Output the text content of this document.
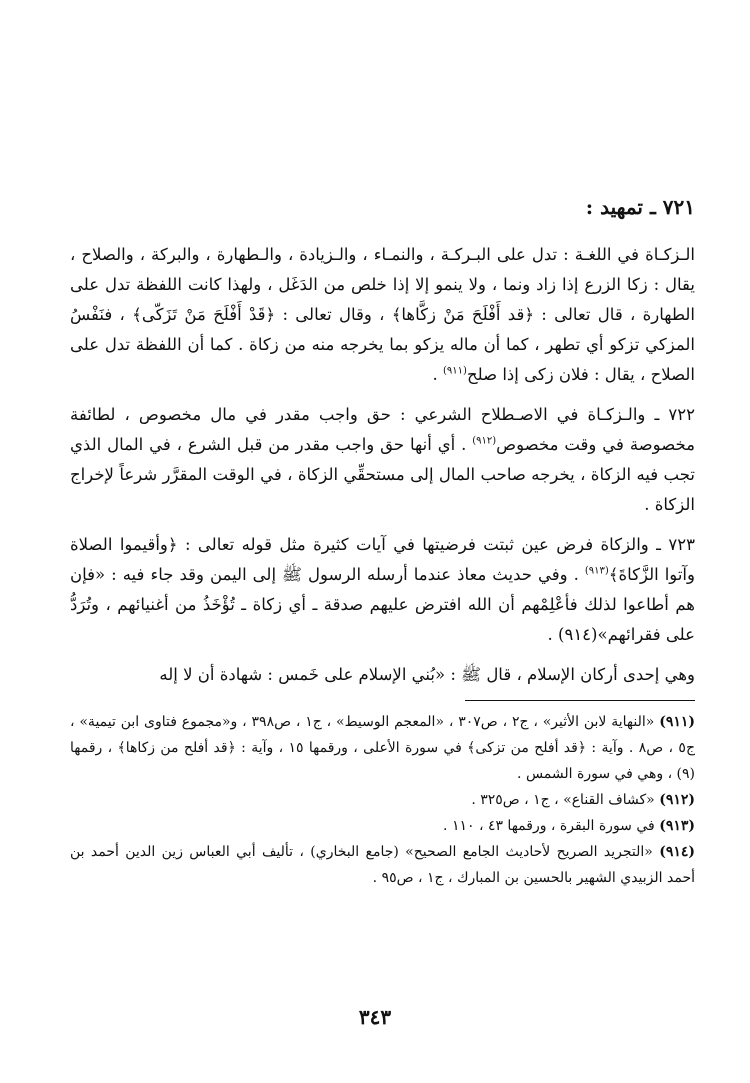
٧٢١ ـ تمهيد :

الـزكـاة في اللغـة : تدل على البـركـة ، والنمـاء ، والـزيادة ، والـطهارة ، والبركة ، والصلاح ، يقال : زكا الزرع إذا زاد ونما ، ولا ينمو إلا إذا خلص من الدَغَل ، ولهذا كانت اللفظة تدل على الطهارة ، قال تعالى : ﴿قد أَفْلَحَ مَنْ زكَّاها﴾ ، وقال تعالى : ﴿قَدْ أَفْلَحَ مَنْ تَزَكّى﴾ ، فنَفْسُ المزكي تزكو أي تطهر ، كما أن ماله يزكو بما يخرجه منه من زكاة . كما أن اللفظة تدل على الصلاح ، يقال : فلان زكى إذا صلح$^{(٩١١)}$ .

٧٢٢ ـ والـزكـاة في الاصـطلاح الشرعي : حق واجب مقدر في مال مخصوص ، لطائفة مخصوصة في وقت مخصوص$^{(٩١٢)}$ . أي أنها حق واجب مقدر من قبل الشرع ، في المال الذي تجب فيه الزكاة ، يخرجه صاحب المال إلى مستحقِّي الزكاة ، في الوقت المقرَّر شرعاً لإخراج الزكاة .

٧٢٣ ـ والزكاة فرض عين ثبتت فرضيتها في آيات كثيرة مثل قوله تعالى : ﴿وأقيموا الصلاة وآتوا الزَّكاةَ﴾$^{(٩١٣)}$ . وفي حديث معاذ عندما أرسله الرسول ﷺ إلى اليمن وقد جاء فيه : «فإن هم أطاعوا لذلك فأعْلِمْهم أن الله افترض عليهم صدقة ـ أي زكاة ـ تُؤْخَذُ من أغنيائهم ، وتُرَدُّ على فقرائهم»(٩١٤) .

وهي إحدى أركان الإسلام ، قال ﷺ : «بُني الإسلام على خَمس : شهادة أن لا إله

(٩١١) «النهاية لابن الأثير» ، ج٢ ، ص٣٠٧ ، «المعجم الوسيط» ، ج١ ، ص٣٩٨ ، و«مجموع فتاوى ابن تيمية» ، ج٥ ، ص٨ . وآية : ﴿قد أفلح من تزكى﴾ في سورة الأعلى ، ورقمها ١٥ ، وآية : ﴿قد أفلح من زكاها﴾ ، رقمها (٩) ، وهي في سورة الشمس .

(٩١٢) «كشاف القناع» ، ج١ ، ص٣٢٥ .

(٩١٣) في سورة البقرة ، ورقمها ٤٣ ، ١١٠ .

(٩١٤) «التجريد الصريح لأحاديث الجامع الصحيح» (جامع البخاري) ، تأليف أبي العباس زين الدين أحمد بن أحمد الزبيدي الشهير بالحسين بن المبارك ، ج١ ، ص٩٥ .

٣٤٣
